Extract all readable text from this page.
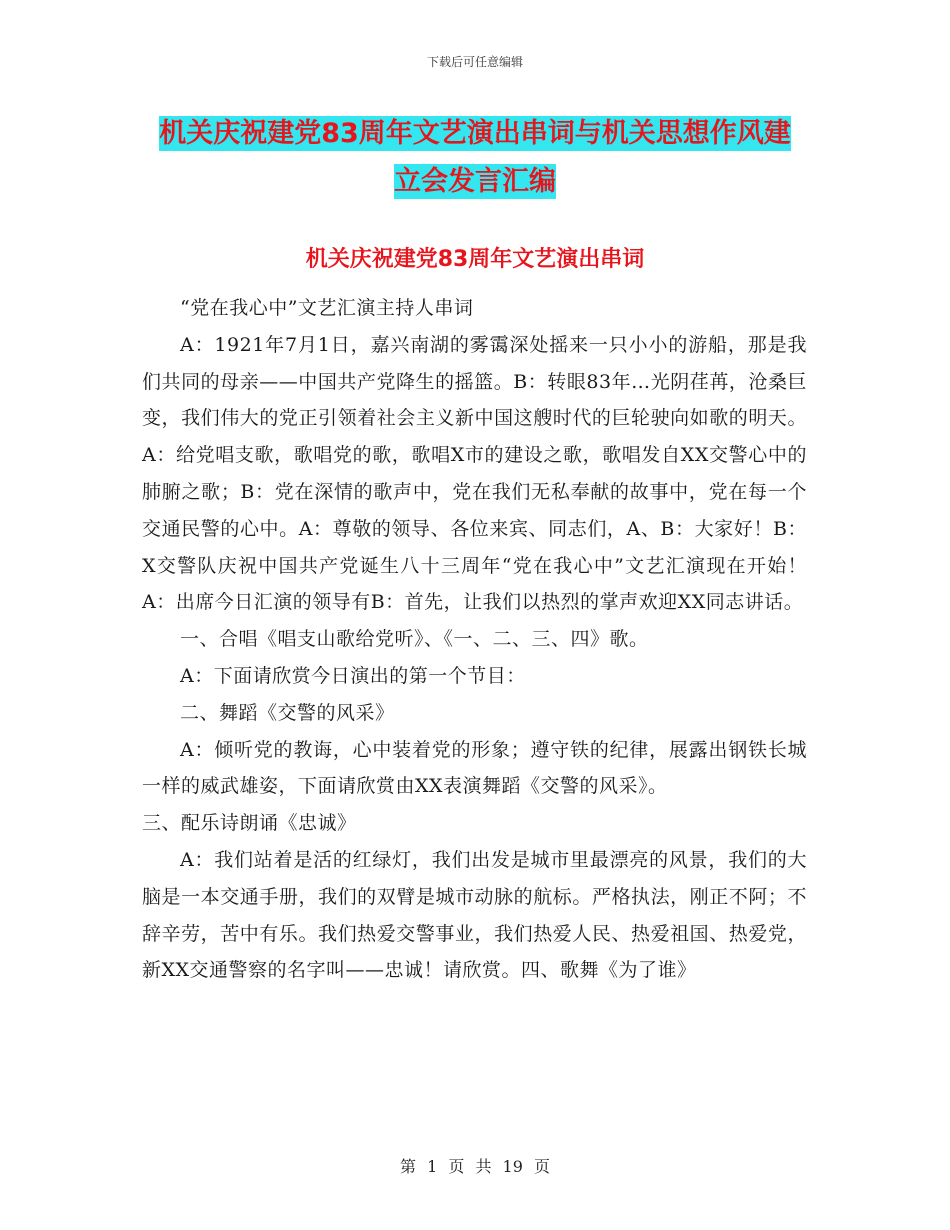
下载后可任意编辑
机关庆祝建党83周年文艺演出串词与机关思想作风建
立会发言汇编
机关庆祝建党83周年文艺演出串词

“党在我心中”文艺汇演主持人串词

A：1921年7月1日，嘉兴南湖的雾霭深处摇来一只小小的游船，那是我们共同的母亲——中国共产党降生的摇篮。B：转眼83年…光阴荏苒，沧桑巨变，我们伟大的党正引领着社会主义新中国这艘时代的巨轮驶向如歌的明天。A：给党唱支歌，歌唱党的歌，歌唱X市的建设之歌，歌唱发自XX交警心中的肺腑之歌；B：党在深情的歌声中，党在我们无私奉献的故事中，党在每一个交通民警的心中。A：尊敬的领导、各位来宾、同志们，A、B：大家好！B：X交警队庆祝中国共产党诞生八十三周年“党在我心中”文艺汇演现在开始！A：出席今日汇演的领导有B：首先，让我们以热烈的掌声欢迎XX同志讲话。

一、合唱《唱支山歌给党听》、《一、二、三、四》歌。

A：下面请欣赏今日演出的第一个节目：

二、舞蹈《交警的风采》

A：倾听党的教诲，心中装着党的形象；遵守铁的纪律，展露出钢铁长城一样的威武雄姿，下面请欣赏由XX表演舞蹈《交警的风采》。

三、配乐诗朗诵《忠诚》

A：我们站着是活的红绿灯，我们出发是城市里最漂亮的风景，我们的大脑是一本交通手册，我们的双臂是城市动脉的航标。严格执法，刚正不阿；不辞辛劳，苦中有乐。我们热爱交警事业，我们热爱人民、热爱祖国、热爱党，新XX交通警察的名字叫——忠诚！请欣赏。四、歌舞《为了谁》

第 1 页 共 19 页
